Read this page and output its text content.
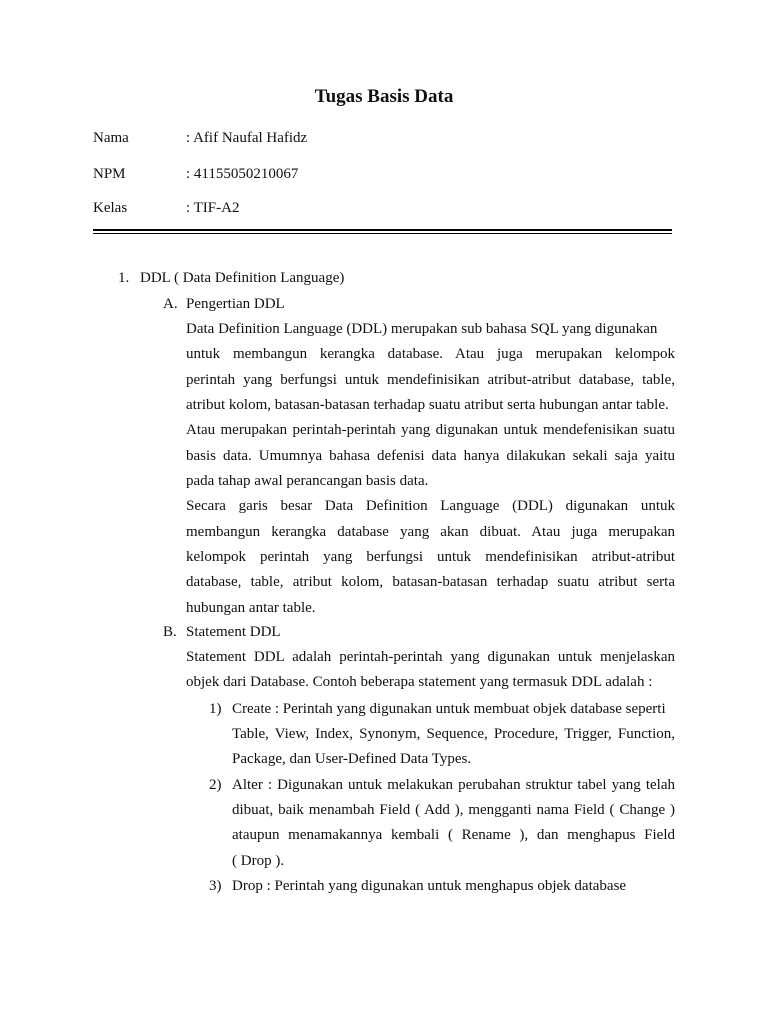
Tugas Basis Data
Nama	: Afif Naufal Hafidz
NPM	: 41155050210067
Kelas	: TIF-A2
1. DDL ( Data Definition Language)
A. Pengertian DDL
Data Definition Language (DDL) merupakan sub bahasa SQL yang digunakan
untuk membangun kerangka database. Atau juga merupakan kelompok
perintah yang berfungsi untuk mendefinisikan atribut-atribut database, table,
atribut kolom, batasan-batasan terhadap suatu atribut serta hubungan antar table.
Atau merupakan perintah-perintah yang digunakan untuk mendefenisikan suatu
basis data. Umumnya bahasa defenisi data hanya dilakukan sekali saja yaitu
pada tahap awal perancangan basis data.
Secara garis besar Data Definition Language (DDL) digunakan untuk
membangun kerangka database yang akan dibuat. Atau juga merupakan
kelompok perintah yang berfungsi untuk mendefinisikan atribut-atribut
database, table, atribut kolom, batasan-batasan terhadap suatu atribut serta
hubungan antar table.
B. Statement DDL
Statement DDL adalah perintah-perintah yang digunakan untuk menjelaskan
objek dari Database. Contoh beberapa statement yang termasuk DDL adalah :
1) Create : Perintah yang digunakan untuk membuat objek database seperti
Table, View, Index, Synonym, Sequence, Procedure, Trigger, Function,
Package, dan User-Defined Data Types.
2) Alter : Digunakan untuk melakukan perubahan struktur tabel yang telah
dibuat, baik menambah Field ( Add ), mengganti nama Field ( Change )
ataupun menamakannya kembali ( Rename ), dan menghapus Field
( Drop ).
3) Drop : Perintah yang digunakan untuk menghapus objek database
